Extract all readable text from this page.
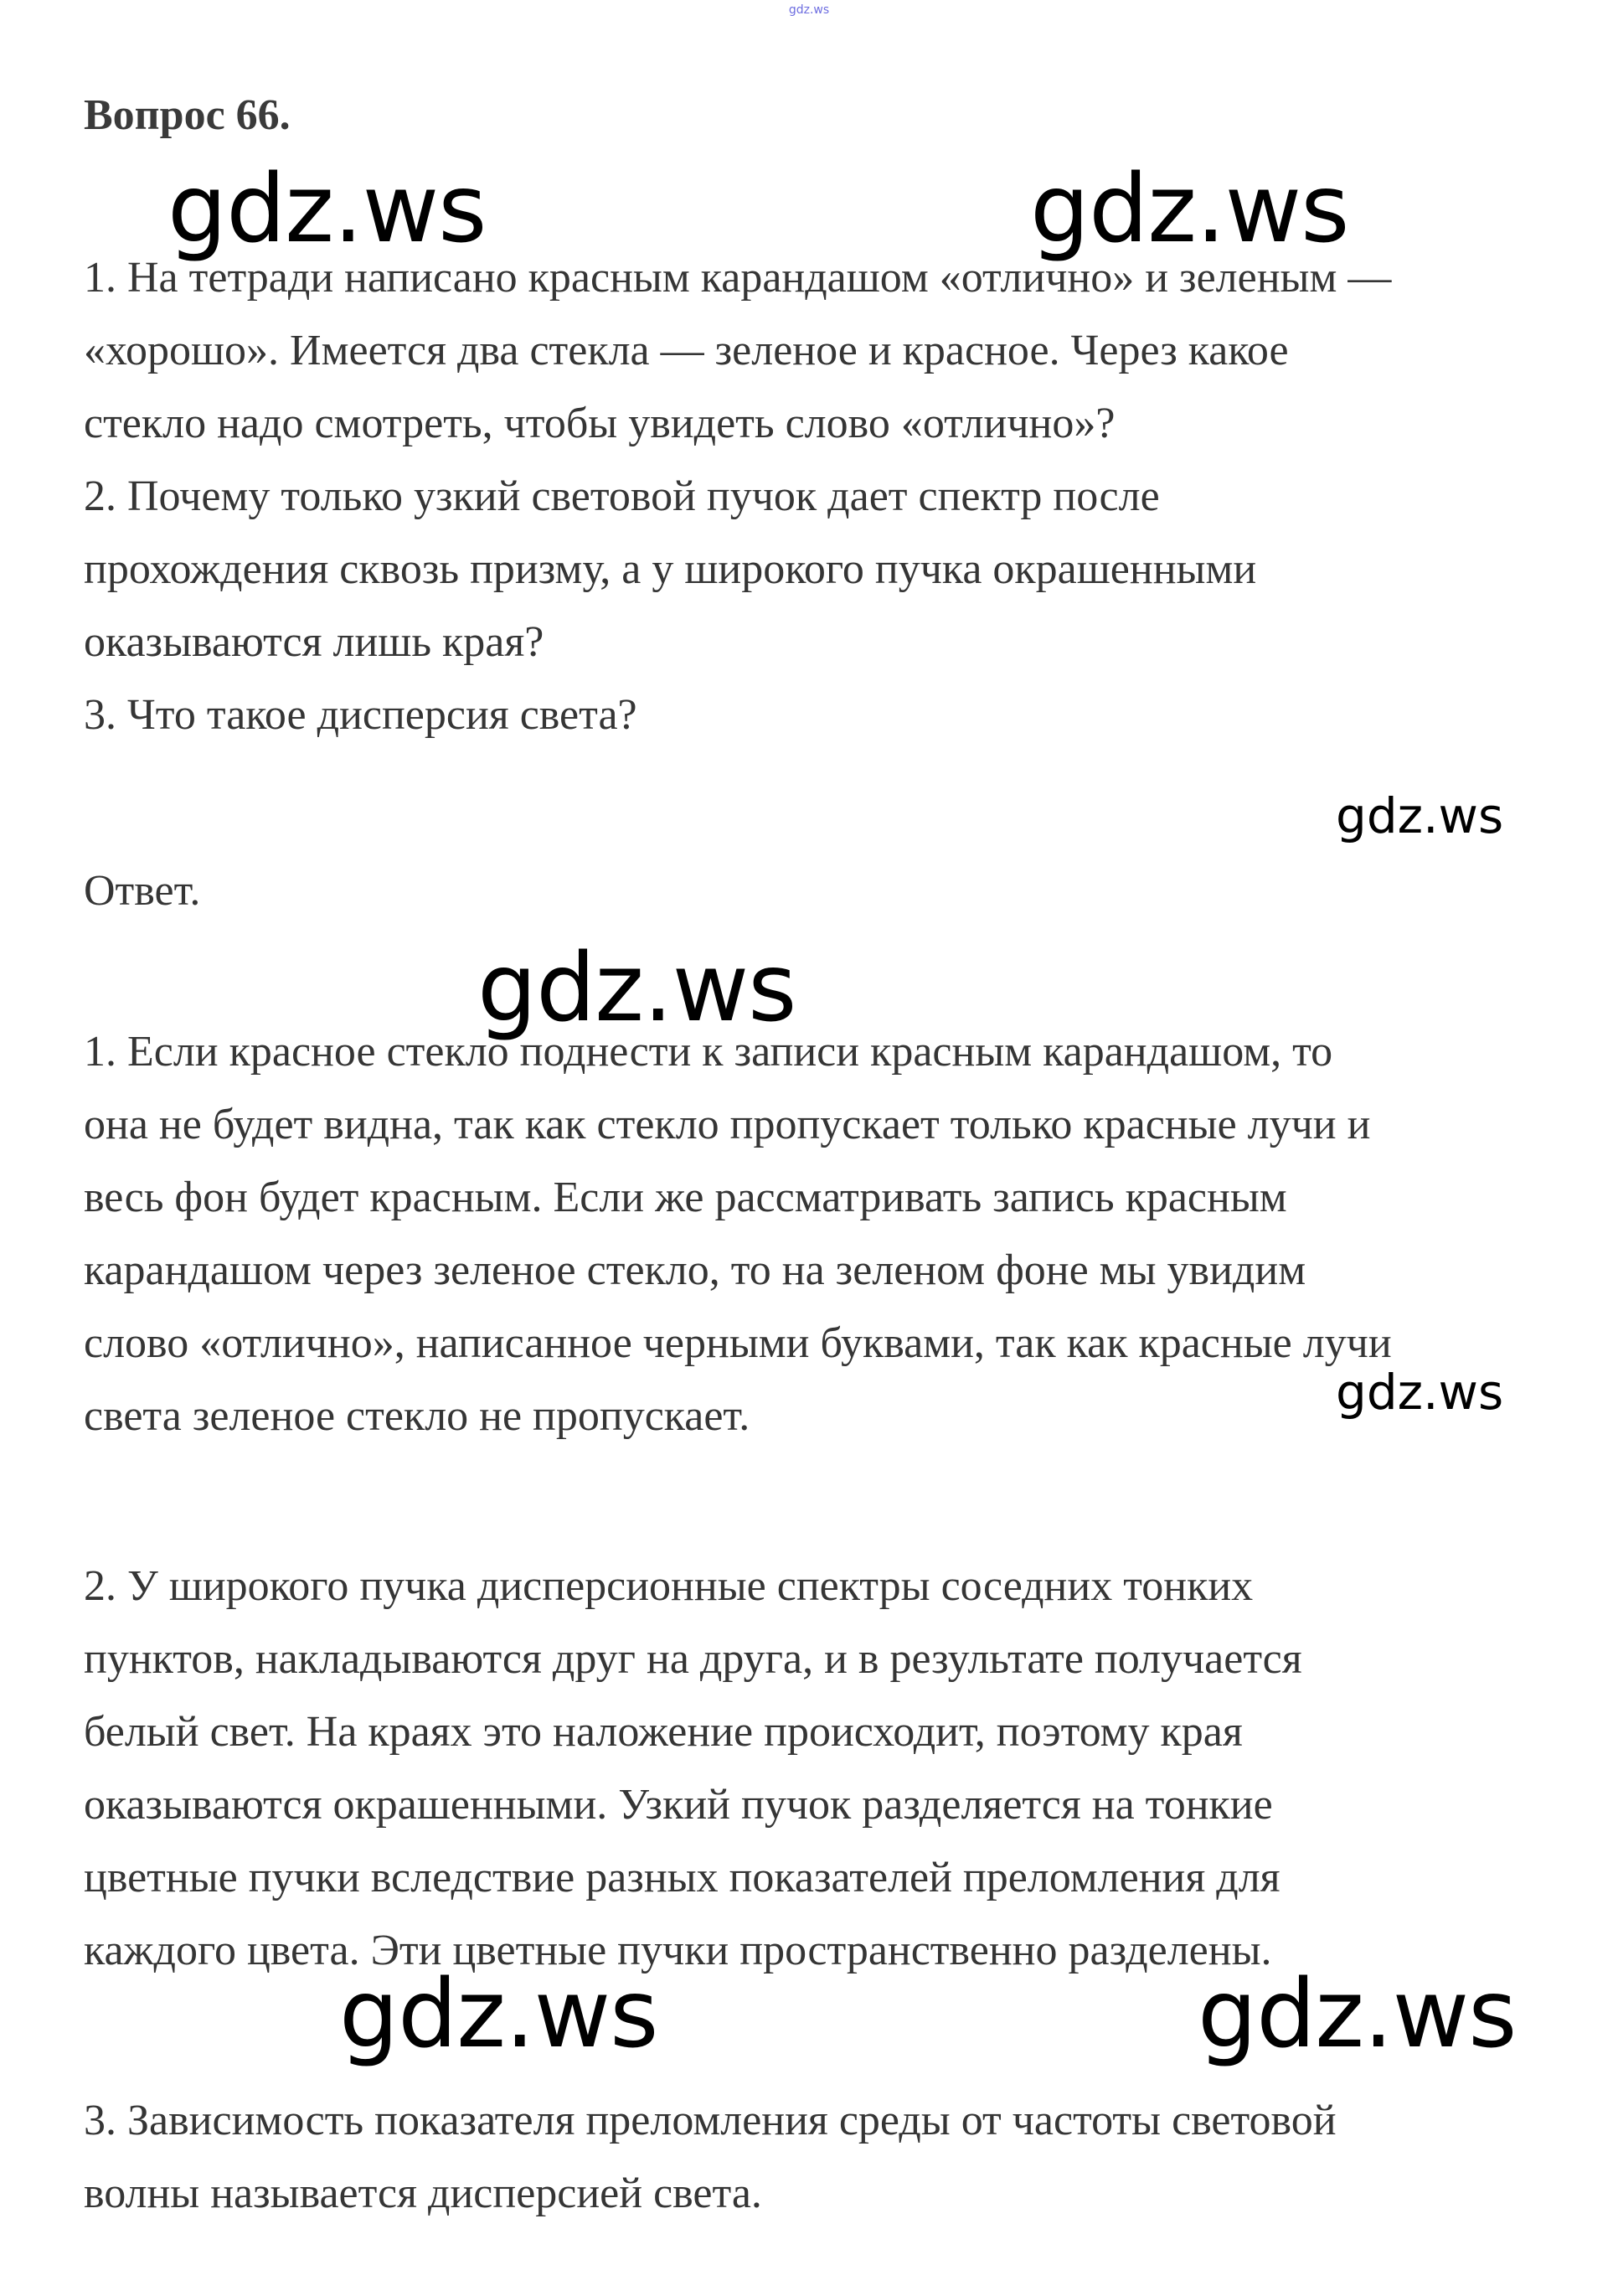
gdz.ws
Вопрос 66.

1. На тетради написано красным карандашом «отлично» и зеленым —

«хорошо». Имеется два стекла — зеленое и красное. Через какое

стекло надо смотреть, чтобы увидеть слово «отлично»?

2. Почему только узкий световой пучок дает спектр после

прохождения сквозь призму, а у широкого пучка окрашенными

оказываются лишь края?

3. Что такое дисперсия света?

Ответ.

1. Если красное стекло поднести к записи красным карандашом, то

она не будет видна, так как стекло пропускает только красные лучи и

весь фон будет красным. Если же рассматривать запись красным

карандашом через зеленое стекло, то на зеленом фоне мы увидим

слово «отлично», написанное черными буквами, так как красные лучи

света зеленое стекло не пропускает.

2. У широкого пучка дисперсионные спектры соседних тонких

пунктов, накладываются друг на друга, и в результате получается

белый свет. На краях это наложение происходит, поэтому края

оказываются окрашенными. Узкий пучок разделяется на тонкие

цветные пучки вследствие разных показателей преломления для

каждого цвета. Эти цветные пучки пространственно разделены.

3. Зависимость показателя преломления среды от частоты световой

волны называется дисперсией света.

gdz.ws	gdz.ws
gdz.ws
gdz.ws
gdz.ws
gdz.ws	gdz.ws
